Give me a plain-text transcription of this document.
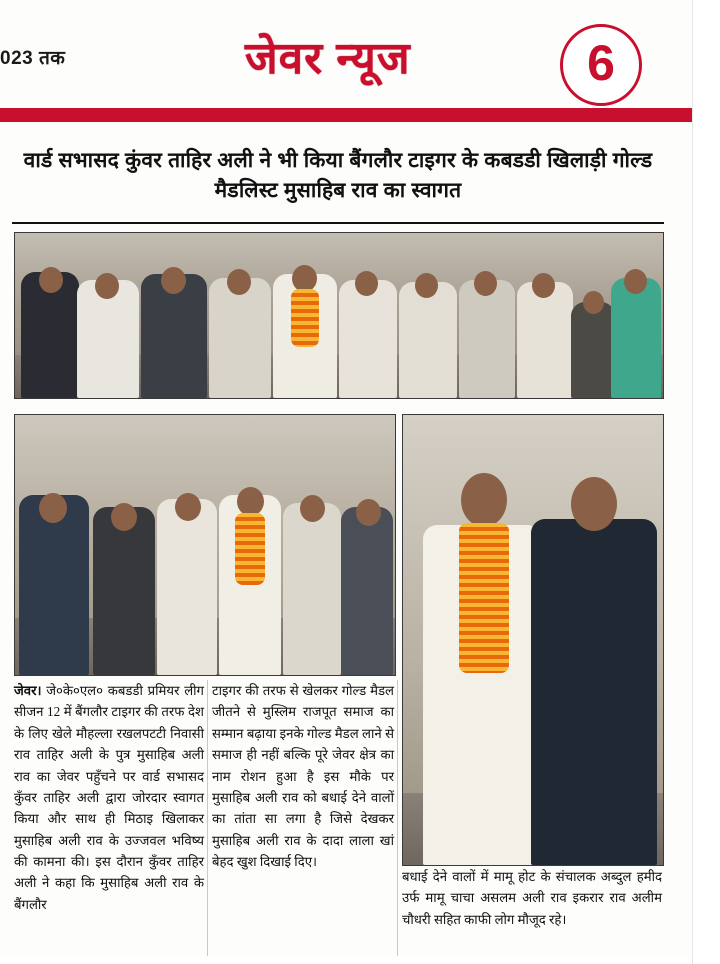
023 तक	जेवर न्यूज	6
वार्ड सभासद कुंवर ताहिर अली ने भी किया बैंगलौर टाइगर के कबडडी खिलाड़ी गोल्ड मैडलिस्ट मुसाहिब राव का स्वागत

जेवर। जे०के०एल० कबडडी प्रमियर लीग सीजन 12 में बैंगलौर टाइगर की तरफ देश के लिए खेले मौहल्ला रखलपटटी निवासी राव ताहिर अली के पुत्र मुसाहिब अली राव का जेवर पहुँचने पर वार्ड सभासद कुँवर ताहिर अली द्वारा जोरदार स्वागत किया और साथ ही मिठाइ खिलाकर मुसाहिब अली राव के उज्जवल भविष्य की कामना की। इस दौरान कुँवर ताहिर अली ने कहा कि मुसाहिब अली राव के बैंगलौर

टाइगर की तरफ से खेलकर गोल्ड मैडल जीतने से मुस्लिम राजपूत समाज का सम्मान बढ़ाया इनके गोल्ड मैडल लाने से समाज ही नहीं बल्कि पूरे जेवर क्षेत्र का नाम रोशन हुआ है इस मौके पर मुसाहिब अली राव को बधाई देने वालों का तांता सा लगा है जिसे देखकर मुसाहिब अली राव के दादा लाला खां बेहद खुश दिखाई दिए।

बधाई देने वालों में मामू होट के संचालक अब्दुल हमीद उर्फ मामू चाचा असलम अली राव इकरार राव अलीम चौधरी सहित काफी लोग मौजूद रहे।
